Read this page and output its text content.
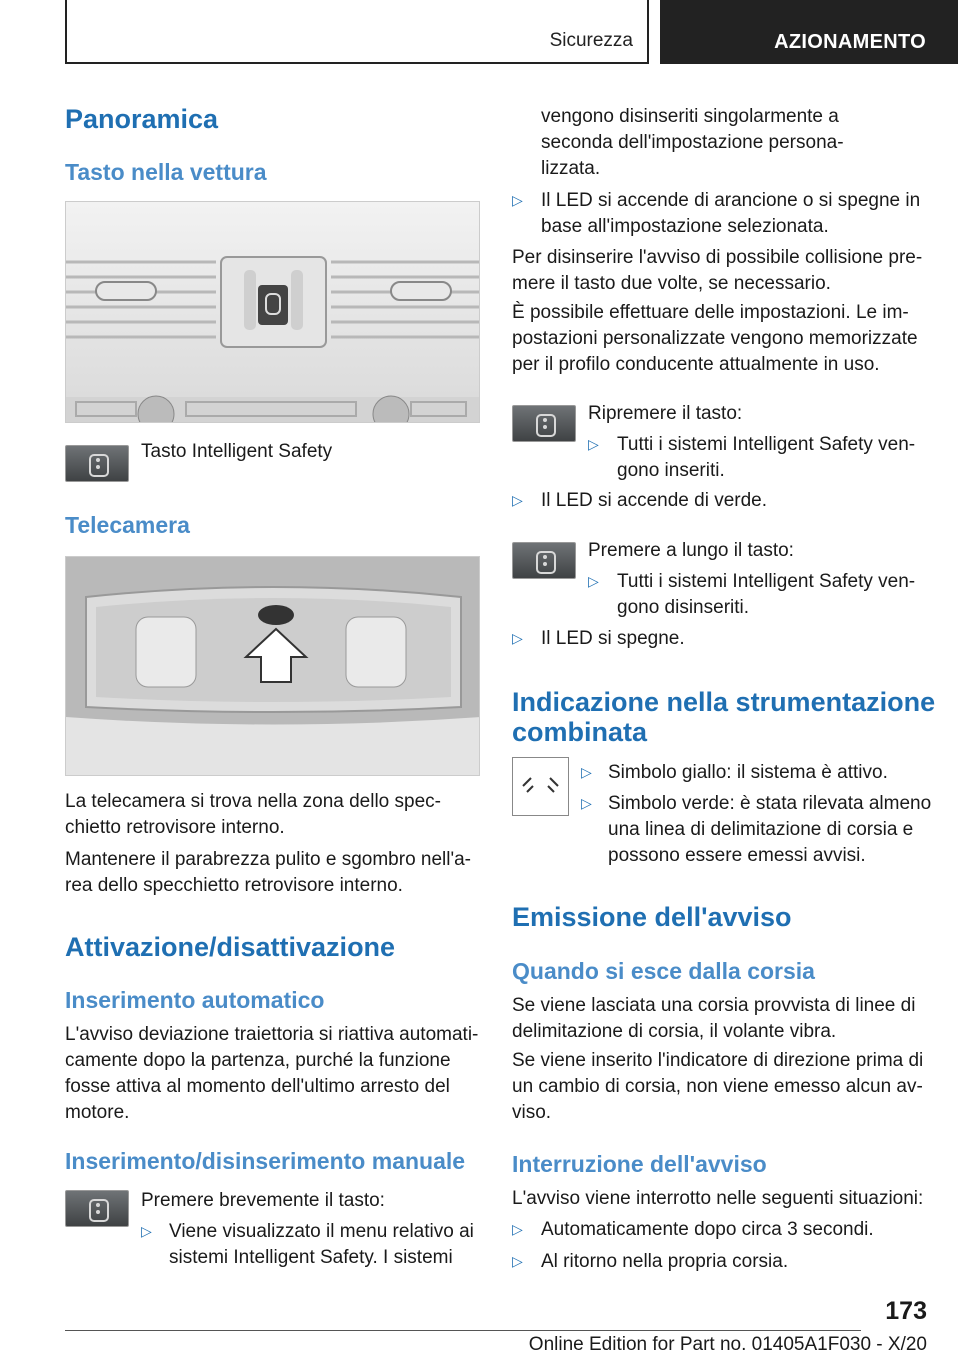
Sicurezza	AZIONAMENTO
Panoramica
Tasto nella vettura
Tasto Intelligent Safety
Telecamera
La telecamera si trova nella zona dello spec-
chietto retrovisore interno.
Mantenere il parabrezza pulito e sgombro nell'a-
rea dello specchietto retrovisore interno.
Attivazione/disattivazione
Inserimento automatico
L'avviso deviazione traiettoria si riattiva automati-
camente dopo la partenza, purché la funzione
fosse attiva al momento dell'ultimo arresto del
motore.
Inserimento/disinserimento manuale
Premere brevemente il tasto:
▷ Viene visualizzato il menu relativo ai
sistemi Intelligent Safety. I sistemi
vengono disinseriti singolarmente a
seconda dell'impostazione persona-
lizzata.
▷ Il LED si accende di arancione o si spegne in
base all'impostazione selezionata.
Per disinserire l'avviso di possibile collisione pre-
mere il tasto due volte, se necessario.
È possibile effettuare delle impostazioni. Le im-
postazioni personalizzate vengono memorizzate
per il profilo conducente attualmente in uso.
Ripremere il tasto:
▷ Tutti i sistemi Intelligent Safety ven-
gono inseriti.
▷ Il LED si accende di verde.
Premere a lungo il tasto:
▷ Tutti i sistemi Intelligent Safety ven-
gono disinseriti.
▷ Il LED si spegne.
Indicazione nella strumentazione
combinata
▷ Simbolo giallo: il sistema è attivo.
▷ Simbolo verde: è stata rilevata almeno
una linea di delimitazione di corsia e
possono essere emessi avvisi.
Emissione dell'avviso
Quando si esce dalla corsia
Se viene lasciata una corsia provvista di linee di
delimitazione di corsia, il volante vibra.
Se viene inserito l'indicatore di direzione prima di
un cambio di corsia, non viene emesso alcun av-
viso.
Interruzione dell'avviso
L'avviso viene interrotto nelle seguenti situazioni:
▷ Automaticamente dopo circa 3 secondi.
▷ Al ritorno nella propria corsia.
173
Online Edition for Part no. 01405A1F030 - X/20
